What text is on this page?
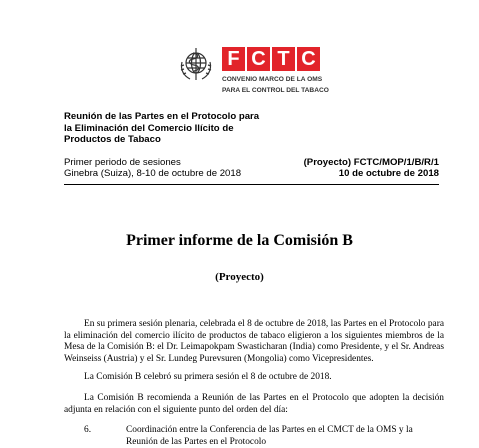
F C T C
CONVENIO MARCO DE LA OMS
PARA EL CONTROL DEL TABACO
Reunión de las Partes en el Protocolo para la Eliminación del Comercio Ilícito de Productos de Tabaco
Primer periodo de sesiones
Ginebra (Suiza), 8-10 de octubre de 2018
(Proyecto) FCTC/MOP/1/B/R/1
10 de octubre de 2018
Primer informe de la Comisión B
(Proyecto)
En su primera sesión plenaria, celebrada el 8 de octubre de 2018, las Partes en el Protocolo para la eliminación del comercio ilícito de productos de tabaco eligieron a los siguientes miembros de la Mesa de la Comisión B: el Dr. Leimapokpam Swasticharan (India) como Presidente, y el Sr. Andreas Weinseiss (Austria) y el Sr. Lundeg Purevsuren (Mongolia) como Vicepresidentes.
La Comisión B celebró su primera sesión el 8 de octubre de 2018.
La Comisión B recomienda a Reunión de las Partes en el Protocolo que adopten la decisión adjunta en relación con el siguiente punto del orden del día:
6.	Coordinación entre la Conferencia de las Partes en el CMCT de la OMS y la Reunión de las Partes en el Protocolo
